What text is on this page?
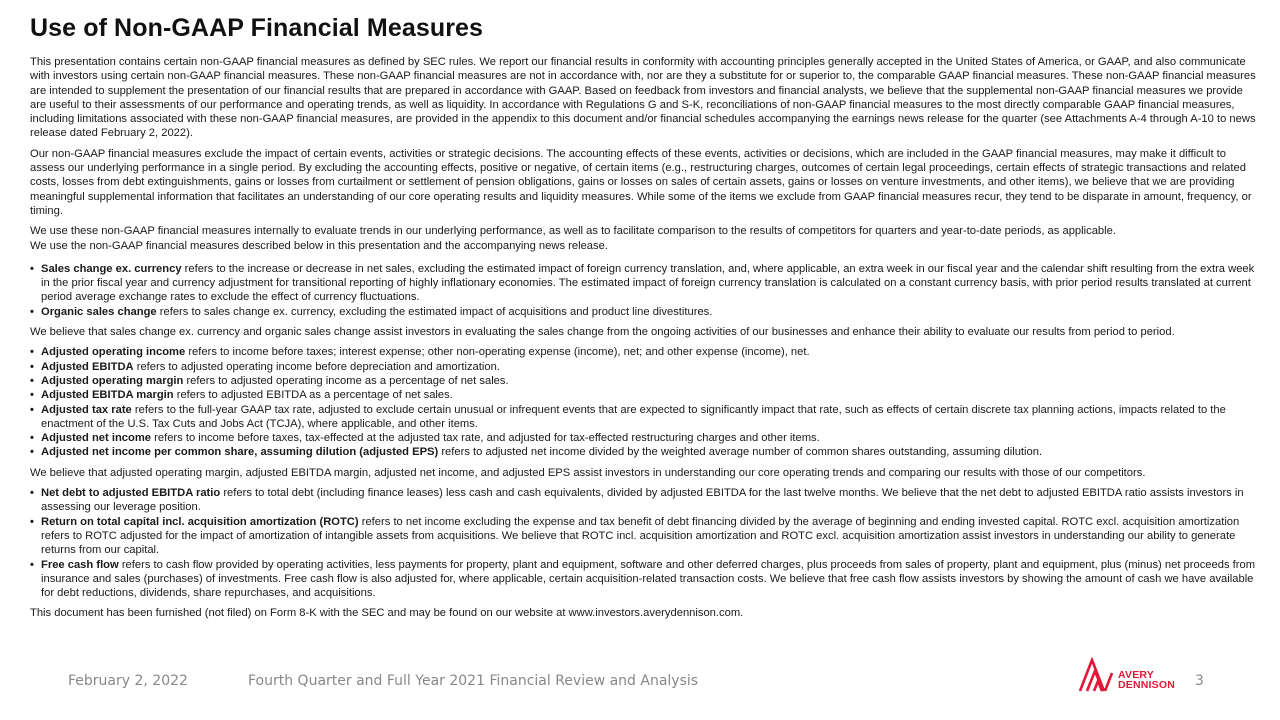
Use of Non-GAAP Financial Measures

This presentation contains certain non-GAAP financial measures as defined by SEC rules. We report our financial results in conformity with accounting principles generally accepted in the United States of America, or GAAP, and also communicate with investors using certain non-GAAP financial measures. These non-GAAP financial measures are not in accordance with, nor are they a substitute for or superior to, the comparable GAAP financial measures. These non-GAAP financial measures are intended to supplement the presentation of our financial results that are prepared in accordance with GAAP. Based on feedback from investors and financial analysts, we believe that the supplemental non-GAAP financial measures we provide are useful to their assessments of our performance and operating trends, as well as liquidity. In accordance with Regulations G and S-K, reconciliations of non-GAAP financial measures to the most directly comparable GAAP financial measures, including limitations associated with these non-GAAP financial measures, are provided in the appendix to this document and/or financial schedules accompanying the earnings news release for the quarter (see Attachments A-4 through A-10 to news release dated February 2, 2022).

Our non-GAAP financial measures exclude the impact of certain events, activities or strategic decisions. The accounting effects of these events, activities or decisions, which are included in the GAAP financial measures, may make it difficult to assess our underlying performance in a single period. By excluding the accounting effects, positive or negative, of certain items (e.g., restructuring charges, outcomes of certain legal proceedings, certain effects of strategic transactions and related costs, losses from debt extinguishments, gains or losses from curtailment or settlement of pension obligations, gains or losses on sales of certain assets, gains or losses on venture investments, and other items), we believe that we are providing meaningful supplemental information that facilitates an understanding of our core operating results and liquidity measures. While some of the items we exclude from GAAP financial measures recur, they tend to be disparate in amount, frequency, or timing.

We use these non-GAAP financial measures internally to evaluate trends in our underlying performance, as well as to facilitate comparison to the results of competitors for quarters and year-to-date periods, as applicable.

We use the non-GAAP financial measures described below in this presentation and the accompanying news release.

• Sales change ex. currency refers to the increase or decrease in net sales, excluding the estimated impact of foreign currency translation, and, where applicable, an extra week in our fiscal year and the calendar shift resulting from the extra week in the prior fiscal year and currency adjustment for transitional reporting of highly inflationary economies. The estimated impact of foreign currency translation is calculated on a constant currency basis, with prior period results translated at current period average exchange rates to exclude the effect of currency fluctuations.
• Organic sales change refers to sales change ex. currency, excluding the estimated impact of acquisitions and product line divestitures.

We believe that sales change ex. currency and organic sales change assist investors in evaluating the sales change from the ongoing activities of our businesses and enhance their ability to evaluate our results from period to period.

• Adjusted operating income refers to income before taxes; interest expense; other non-operating expense (income), net; and other expense (income), net.
• Adjusted EBITDA refers to adjusted operating income before depreciation and amortization.
• Adjusted operating margin refers to adjusted operating income as a percentage of net sales.
• Adjusted EBITDA margin refers to adjusted EBITDA as a percentage of net sales.
• Adjusted tax rate refers to the full-year GAAP tax rate, adjusted to exclude certain unusual or infrequent events that are expected to significantly impact that rate, such as effects of certain discrete tax planning actions, impacts related to the enactment of the U.S. Tax Cuts and Jobs Act (TCJA), where applicable, and other items.
• Adjusted net income refers to income before taxes, tax-effected at the adjusted tax rate, and adjusted for tax-effected restructuring charges and other items.
• Adjusted net income per common share, assuming dilution (adjusted EPS) refers to adjusted net income divided by the weighted average number of common shares outstanding, assuming dilution.

We believe that adjusted operating margin, adjusted EBITDA margin, adjusted net income, and adjusted EPS assist investors in understanding our core operating trends and comparing our results with those of our competitors.

• Net debt to adjusted EBITDA ratio refers to total debt (including finance leases) less cash and cash equivalents, divided by adjusted EBITDA for the last twelve months. We believe that the net debt to adjusted EBITDA ratio assists investors in assessing our leverage position.
• Return on total capital incl. acquisition amortization (ROTC) refers to net income excluding the expense and tax benefit of debt financing divided by the average of beginning and ending invested capital. ROTC excl. acquisition amortization refers to ROTC adjusted for the impact of amortization of intangible assets from acquisitions. We believe that ROTC incl. acquisition amortization and ROTC excl. acquisition amortization assist investors in understanding our ability to generate returns from our capital.
• Free cash flow refers to cash flow provided by operating activities, less payments for property, plant and equipment, software and other deferred charges, plus proceeds from sales of property, plant and equipment, plus (minus) net proceeds from insurance and sales (purchases) of investments. Free cash flow is also adjusted for, where applicable, certain acquisition-related transaction costs. We believe that free cash flow assists investors by showing the amount of cash we have available for debt reductions, dividends, share repurchases, and acquisitions.

This document has been furnished (not filed) on Form 8-K with the SEC and may be found on our website at www.investors.averydennison.com.

February 2, 2022	Fourth Quarter and Full Year 2021 Financial Review and Analysis	AVERY
DENNISON 3
